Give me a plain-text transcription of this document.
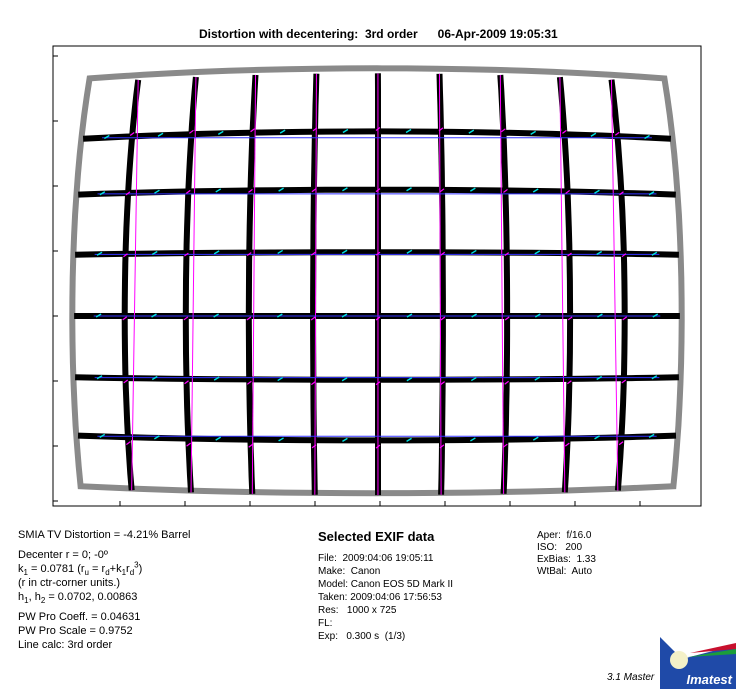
Distortion with decentering:  3rd order      06-Apr-2009 19:05:31

SMIA TV Distortion = -4.21% Barrel
Decenter r = 0; -0º
$k_1 = 0.0781$ $(r_u = r_d+k_1r_d^3)$
(r in ctr-corner units.)
$h_1$, $h_2 = 0.0702$, 0.00863
PW Pro Coeff. = 0.04631
PW Pro Scale = 0.9752
Line calc: 3rd order
Selected EXIF data
File:  2009:04:06 19:05:11
Make:  Canon
Model: Canon EOS 5D Mark II
Taken: 2009:04:06 17:56:53
Res:   1000 x 725
FL:
Exp:   0.300 s  (1/3)
Aper:  f/16.0
ISO:   200
ExBias:  1.33
WtBal:  Auto
3.1 Master Imatest
